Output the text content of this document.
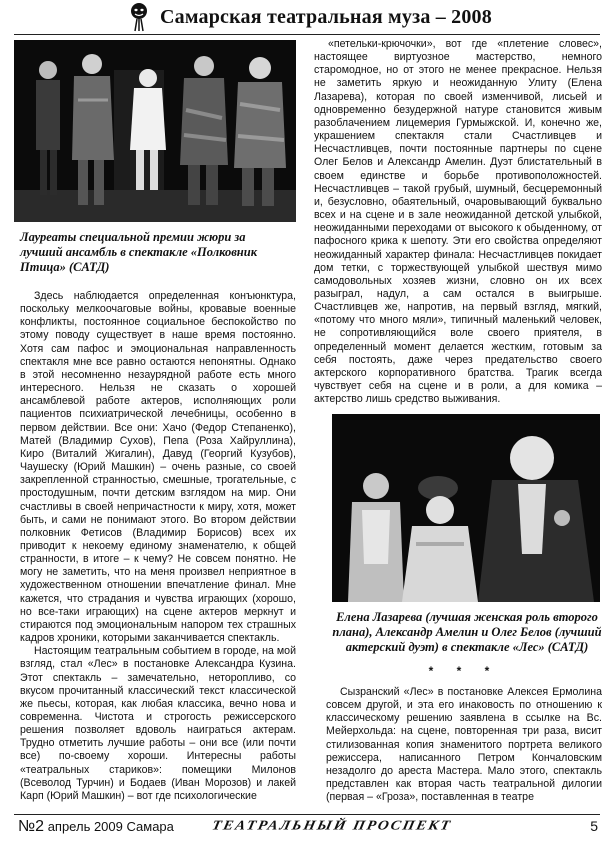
Самарская театральная муза – 2008

Лауреаты специальной премии жюри за лучший ансамбль в спектакле «Полковник Птица» (СATД)

Здесь наблюдается определенная конъюнктура, поскольку мелкоочаговые войны, кровавые военные конфликты, постоянное социальное беспокойство по этому поводу существует в наше время постоянно. Хотя сам пафос и эмоциональная направленность спектакля мне все равно остаются непонятны. Однако в этой несомненно незаурядной работе есть много интересного. Нельзя не сказать о хорошей ансамблевой работе актеров, исполняющих роли пациентов психиатрической лечебницы, особенно в первом действии. Все они: Хачо (Федор Степаненко), Матей (Владимир Сухов), Пепа (Роза Хайруллина), Киро (Виталий Жигалин), Давуд (Георгий Кузубов), Чаушеску (Юрий Машкин) – очень разные, со своей закрепленной странностью, смешные, трогательные, с простодушным, почти детским взглядом на мир. Они счастливы в своей непричастности к миру, хотя, может быть, и сами не понимают этого. Во втором действии полковник Фетисов (Владимир Борисов) всех их приводит к некоему единому знаменателю, к общей странности, в итоге – к чему? Не совсем понятно. Не могу не заметить, что на меня произвел неприятное в художественном отношении впечатление финал. Мне кажется, что страдания и чувства играющих (хорошо, но все-таки играющих) на сцене актеров меркнут и стираются под эмоциональным напором тех страшных кадров хроники, которыми заканчивается спектакль.

Настоящим театральным событием в городе, на мой взгляд, стал «Лес» в постановке Александра Кузина. Этот спектакль – замечательно, неторопливо, со вкусом прочитанный классический текст классической же пьесы, которая, как любая классика, вечно нова и современна. Чистота и строгость режиссерского решения позволяет вдоволь наиграться актерам. Трудно отметить лучшие работы – они все (или почти все) по-своему хороши. Интересны работы «театральных стариков»: помещики Милонов (Всеволод Турчин) и Бодаев (Иван Морозов) и лакей Карп (Юрий Машкин) – вот где психологические

«петельки-крючочки», вот где «плетение словес», настоящее виртуозное мастерство, немного старомодное, но от этого не менее прекрасное. Нельзя не заметить яркую и неожиданную Улиту (Елена Лазарева), которая по своей изменчивой, лисьей и одновременно безудержной натуре становится живым разоблачением лицемерия Гурмыжской. И, конечно же, украшением спектакля стали Счастливцев и Несчастливцев, почти постоянные партнеры по сцене Олег Белов и Александр Амелин. Дуэт блистательный в своем единстве и борьбе противоположностей. Несчастливцев – такой грубый, шумный, бесцеремонный и, безусловно, обаятельный, очаровывающий буквально всех и на сцене и в зале неожиданной детской улыбкой, неожиданными переходами от высокого к обыденному, от пафосного крика к шепоту. Эти его свойства определяют неожиданный характер финала: Несчастливцев покидает дом тетки, с торжествующей улыбкой шествуя мимо самодовольных хозяев жизни, словно он их всех разыграл, надул, а сам остался в выигрыше. Счастливцев же, напротив, на первый взгляд, мягкий, «потому что много мяли», типичный маленький человек, не сопротивляющийся воле своего приятеля, в определенный момент делается жестким, готовым за себя постоять, даже через предательство своего актерского корпоративного братства. Трагик всегда чувствует себя на сцене и в роли, а для комика – актерство лишь средство выживания.

Елена Лазарева (лучшая женская роль второго плана), Александр Амелин и Олег Белов (лучший актерский дуэт) в спектакле «Лес» (СATД)

* * *

Сызранский «Лес» в постановке Алексея Ермолина совсем другой, и эта его инаковость по отношению к классическому решению заявлена в ссылке на Вс. Мейерхольда: на сцене, повторенная три раза, висит стилизованная копия знаменитого портрета великого режиссера, написанного Петром Кончаловским незадолго до ареста Мастера. Мало этого, спектакль представлен как вторая часть театральной дилогии (первая – «Гроза», поставленная в театре

№2 апрель 2009 Самара ТЕАТРАЛЬНЫЙ ПРОСПЕКТ	5
